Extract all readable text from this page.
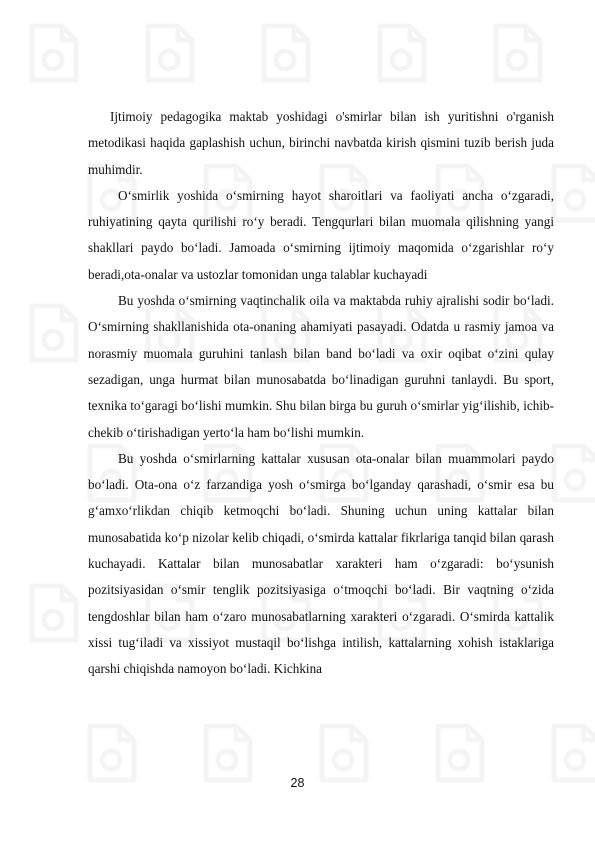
Ijtimoiy pedagogika maktab yoshidagi o'smirlar bilan ish yuritishni o'rganish metodikasi haqida gaplashish uchun, birinchi navbatda kirish qismini tuzib berish juda muhimdir.

O‘smirlik yoshida o‘smirning hayot sharoitlari va faoliyati ancha o‘zgaradi, ruhiyatining qayta qurilishi ro‘y beradi. Tengqurlari bilan muomala qilishning yangi shakllari paydo bo‘ladi. Jamoada o‘smirning ijtimoiy maqomida o‘zgarishlar ro‘y beradi,ota-onalar va ustozlar tomonidan unga talablar kuchayadi

Bu yoshda o‘smirning vaqtinchalik oila va maktabda ruhiy ajralishi sodir bo‘ladi. O‘smirning shakllanishida ota-onaning ahamiyati pasayadi. Odatda u rasmiy jamoa va norasmiy muomala guruhini tanlash bilan band bo‘ladi va oxir oqibat o‘zini qulay sezadigan, unga hurmat bilan munosabatda bo‘linadigan guruhni tanlaydi. Bu sport, texnika to‘garagi bo‘lishi mumkin. Shu bilan birga bu guruh o‘smirlar yig‘ilishib, ichib-chekib o‘tirishadigan yerto‘la ham bo‘lishi mumkin.

Bu yoshda o‘smirlarning kattalar xususan ota-onalar bilan muammolari paydo bo‘ladi. Ota-ona o‘z farzandiga yosh o‘smirga bo‘lganday qarashadi, o‘smir esa bu g‘amxo‘rlikdan chiqib ketmoqchi bo‘ladi. Shuning uchun uning kattalar bilan munosabatida ko‘p nizolar kelib chiqadi, o‘smirda kattalar fikrlariga tanqid bilan qarash kuchayadi. Kattalar bilan munosabatlar xarakteri ham o‘zgaradi: bo‘ysunish pozitsiyasidan o‘smir tenglik pozitsiyasiga o‘tmoqchi bo‘ladi. Bir vaqtning o‘zida tengdoshlar bilan ham o‘zaro munosabatlarning xarakteri o‘zgaradi. O‘smirda kattalik xissi tug‘iladi va xissiyot mustaqil bo‘lishga intilish, kattalarning xohish istaklariga qarshi chiqishda namoyon bo‘ladi. Kichkina

28
